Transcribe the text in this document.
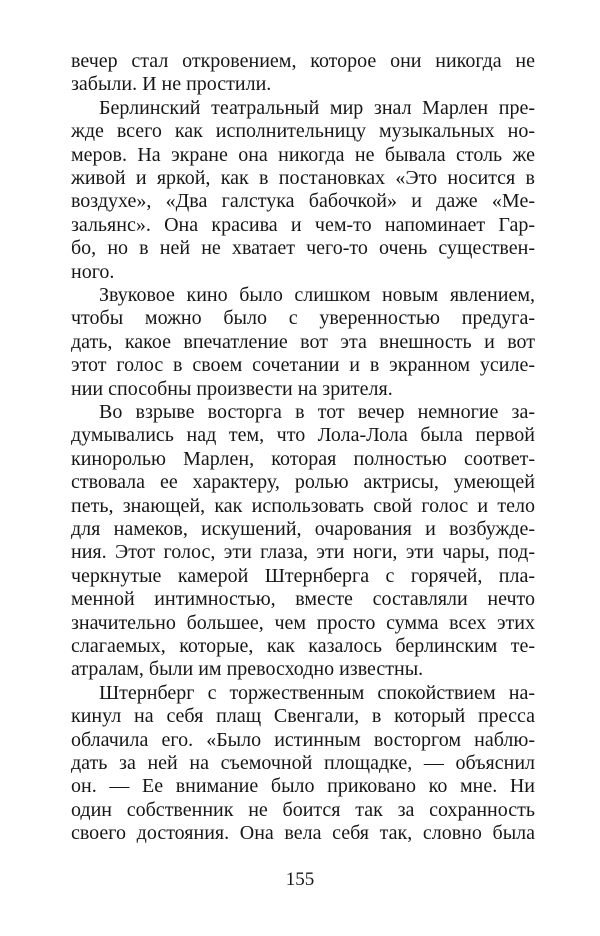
вечер стал откровением, которое они никогда не
забыли. И не простили.
Берлинский театральный мир знал Марлен пре-
жде всего как исполнительницу музыкальных но-
меров. На экране она никогда не бывала столь же
живой и яркой, как в постановках «Это носится в
воздухе», «Два галстука бабочкой» и даже «Ме-
зальянс». Она красива и чем-то напоминает Гар-
бо, но в ней не хватает чего-то очень существен-
ного.
Звуковое кино было слишком новым явлением,
чтобы можно было с уверенностью предуга-
дать, какое впечатление вот эта внешность и вот
этот голос в своем сочетании и в экранном усиле-
нии способны произвести на зрителя.
Во взрыве восторга в тот вечер немногие за-
думывались над тем, что Лола-Лола была первой
киноролью Марлен, которая полностью соответ-
ствовала ее характеру, ролью актрисы, умеющей
петь, знающей, как использовать свой голос и тело
для намеков, искушений, очарования и возбужде-
ния. Этот голос, эти глаза, эти ноги, эти чары, под-
черкнутые камерой Штернберга с горячей, пла-
менной интимностью, вместе составляли нечто
значительно большее, чем просто сумма всех этих
слагаемых, которые, как казалось берлинским те-
атралам, были им превосходно известны.
Штернберг с торжественным спокойствием на-
кинул на себя плащ Свенгали, в который пресса
облачила его. «Было истинным восторгом наблю-
дать за ней на съемочной площадке, — объяснил
он. — Ее внимание было приковано ко мне. Ни
один собственник не боится так за сохранность
своего достояния. Она вела себя так, словно была
155
